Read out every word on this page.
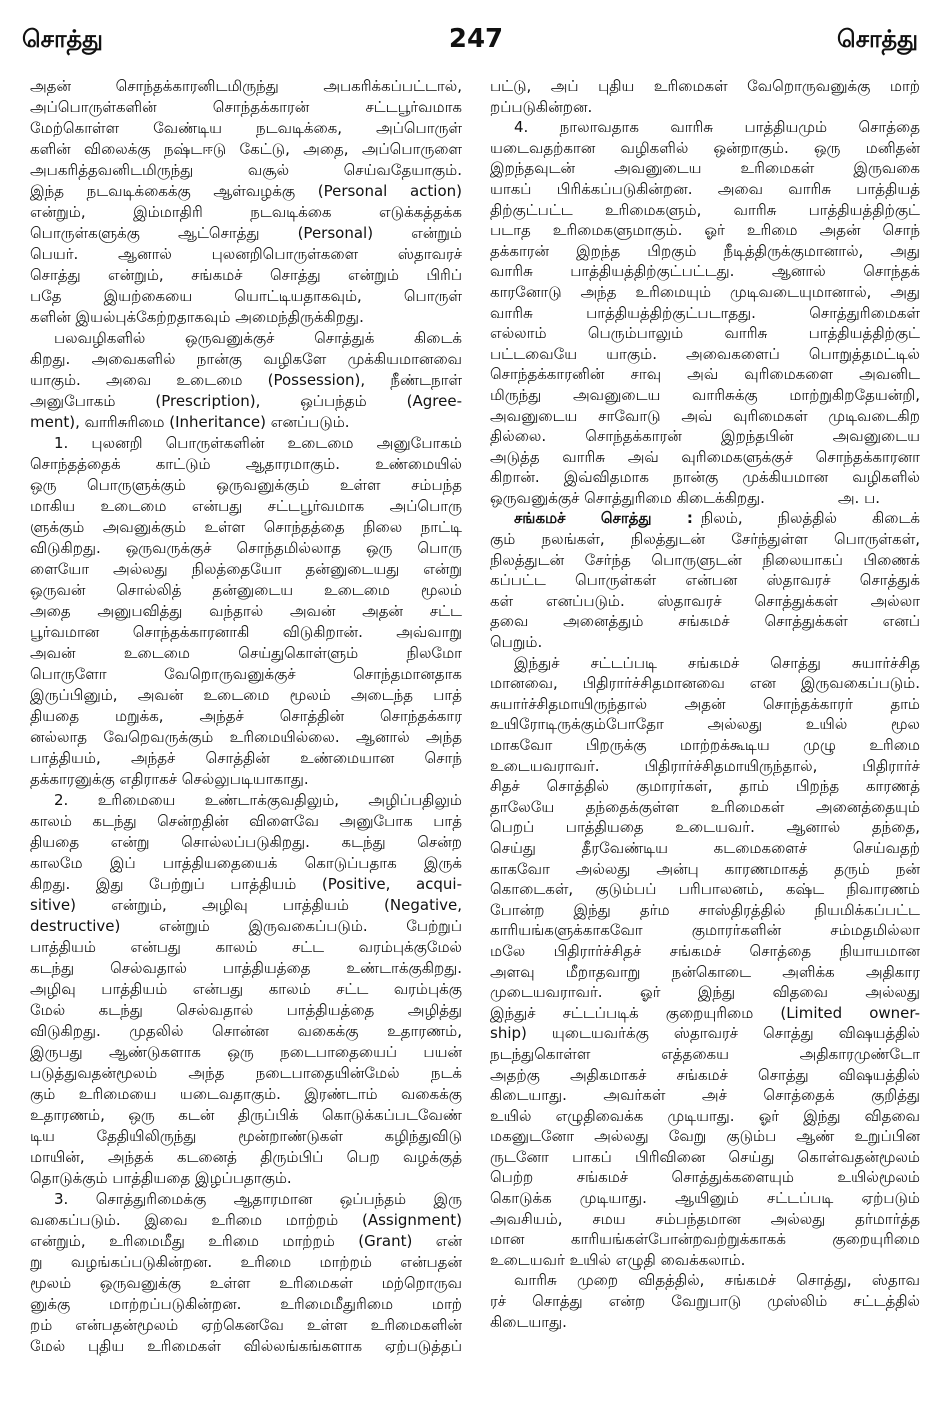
சொத்து	247	சொத்து
அதன் சொந்தக்காரனிடமிருந்து அபகரிக்கப்பட்டால்,
அப்பொருள்களின் சொந்தக்காரன் சட்டபூர்வமாக
மேற்கொள்ள வேண்டிய நடவடிக்கை, அப்பொருள்
களின் விலைக்கு நஷ்டஈடு கேட்டு, அதை, அப்பொருளை
அபகரித்தவனிடமிருந்து வசூல் செய்வதேயாகும்.
இந்த நடவடிக்கைக்கு ஆள்வழக்கு (Personal action)
என்றும், இம்மாதிரி நடவடிக்கை எடுக்கத்தக்க
பொருள்களுக்கு ஆட்சொத்து (Personal) என்றும்
பெயர். ஆனால் புலனறிபொருள்களை ஸ்தாவரச்
சொத்து என்றும், சங்கமச் சொத்து என்றும் பிரிப்
பதே இயற்கையை யொட்டியதாகவும், பொருள்
களின் இயல்புக்கேற்றதாகவும் அமைந்திருக்கிறது.
பலவழிகளில் ஒருவனுக்குச் சொத்துக் கிடைக்
கிறது. அவைகளில் நான்கு வழிகளே முக்கியமானவை
யாகும். அவை உடைமை (Possession), நீண்டநாள்
அனுபோகம் (Prescription), ஒப்பந்தம் (Agree-
ment), வாரிசுரிமை (Inheritance) எனப்படும்.
1. புலனறி பொருள்களின் உடைமை அனுபோகம்
சொந்தத்தைக் காட்டும் ஆதாரமாகும். உண்மையில்
ஒரு பொருளுக்கும் ஒருவனுக்கும் உள்ள சம்பந்த
மாகிய உடைமை என்பது சட்டபூர்வமாக அப்பொரு
ளுக்கும் அவனுக்கும் உள்ள சொந்தத்தை நிலை நாட்டி
விடுகிறது. ஒருவருக்குச் சொந்தமில்லாத ஒரு பொரு
ளையோ அல்லது நிலத்தையோ தன்னுடையது என்று
ஒருவன் சொல்லித் தன்னுடைய உடைமை மூலம்
அதை அனுபவித்து வந்தால் அவன் அதன் சட்ட
பூர்வமான சொந்தக்காரனாகி விடுகிறான். அவ்வாறு
அவன் உடைமை செய்துகொள்ளும் நிலமோ
பொருளோ வேறொருவனுக்குச் சொந்தமானதாக
இருப்பினும், அவன் உடைமை மூலம் அடைந்த பாத்
தியதை மறுக்க, அந்தச் சொத்தின் சொந்தக்கார
னல்லாத வேறெவருக்கும் உரிமையில்லை. ஆனால் அந்த
பாத்தியம், அந்தச் சொத்தின் உண்மையான சொந்
தக்காரனுக்கு எதிராகச் செல்லுபடியாகாது.
2. உரிமையை உண்டாக்குவதிலும், அழிப்பதிலும்
காலம் கடந்து சென்றதின் விளைவே அனுபோக பாத்
தியதை என்று சொல்லப்படுகிறது. கடந்து சென்ற
காலமே இப் பாத்தியதையைக் கொடுப்பதாக இருக்
கிறது. இது பேற்றுப் பாத்தியம் (Positive, acqui-
sitive) என்றும், அழிவு பாத்தியம் (Negative,
destructive) என்றும் இருவகைப்படும். பேற்றுப்
பாத்தியம் என்பது காலம் சட்ட வரம்புக்குமேல்
கடந்து செல்வதால் பாத்தியத்தை உண்டாக்குகிறது.
அழிவு பாத்தியம் என்பது காலம் சட்ட வரம்புக்கு
மேல் கடந்து செல்வதால் பாத்தியத்தை அழித்து
விடுகிறது. முதலில் சொன்ன வகைக்கு உதாரணம்,
இருபது ஆண்டுகளாக ஒரு நடைபாதையைப் பயன்
படுத்துவதன்மூலம் அந்த நடைபாதையின்மேல் நடக்
கும் உரிமையை யடைவதாகும். இரண்டாம் வகைக்கு
உதாரணம், ஒரு கடன் திருப்பிக் கொடுக்கப்படவேண்
டிய தேதியிலிருந்து மூன்றாண்டுகள் கழிந்துவிடு
மாயின், அந்தக் கடனைத் திரும்பிப் பெற வழக்குத்
தொடுக்கும் பாத்தியதை இழப்பதாகும்.
3. சொத்துரிமைக்கு ஆதாரமான ஒப்பந்தம் இரு
வகைப்படும். இவை உரிமை மாற்றம் (Assignment)
என்றும், உரிமைமீது உரிமை மாற்றம் (Grant) என்
று வழங்கப்படுகின்றன. உரிமை மாற்றம் என்பதன்
மூலம் ஒருவனுக்கு உள்ள உரிமைகள் மற்றொருவ
னுக்கு மாற்றப்படுகின்றன. உரிமைமீதுரிமை மாற்
றம் என்பதன்மூலம் ஏற்கெனவே உள்ள உரிமைகளின்
மேல் புதிய உரிமைகள் வில்லங்கங்களாக ஏற்படுத்தப்
பட்டு, அப் புதிய உரிமைகள் வேறொருவனுக்கு மாற்
றப்படுகின்றன.
4. நாலாவதாக வாரிசு பாத்தியமும் சொத்தை
யடைவதற்கான வழிகளில் ஒன்றாகும். ஒரு மனிதன்
இறந்தவுடன் அவனுடைய உரிமைகள் இருவகை
யாகப் பிரிக்கப்படுகின்றன. அவை வாரிசு பாத்தியத்
திற்குட்பட்ட உரிமைகளும், வாரிசு பாத்தியத்திற்குட்
படாத உரிமைகளுமாகும். ஓர் உரிமை அதன் சொந்
தக்காரன் இறந்த பிறகும் நீடித்திருக்குமானால், அது
வாரிசு பாத்தியத்திற்குட்பட்டது. ஆனால் சொந்தக்
காரனோடு அந்த உரிமையும் முடிவடையுமானால், அது
வாரிசு பாத்தியத்திற்குட்படாதது. சொத்துரிமைகள்
எல்லாம் பெரும்பாலும் வாரிசு பாத்தியத்திற்குட்
பட்டவையே யாகும். அவைகளைப் பொறுத்தமட்டில்
சொந்தக்காரனின் சாவு அவ் வுரிமைகளை அவனிட
மிருந்து அவனுடைய வாரிசுக்கு மாற்றுகிறதேயன்றி,
அவனுடைய சாவோடு அவ் வுரிமைகள் முடிவடைகிற
தில்லை. சொந்தக்காரன் இறந்தபின் அவனுடைய
அடுத்த வாரிசு அவ் வுரிமைகளுக்குச் சொந்தக்காரனா
கிறான். இவ்விதமாக நான்கு முக்கியமான வழிகளில்
ஒருவனுக்குச் சொத்துரிமை கிடைக்கிறது.	அ. ப.
சங்கமச் சொத்து : நிலம், நிலத்தில் கிடைக்
கும் நலங்கள், நிலத்துடன் சேர்ந்துள்ள பொருள்கள்,
நிலத்துடன் சேர்ந்த பொருளுடன் நிலையாகப் பிணைக்
கப்பட்ட பொருள்கள் என்பன ஸ்தாவரச் சொத்துக்
கள் எனப்படும். ஸ்தாவரச் சொத்துக்கள் அல்லா
தவை அனைத்தும் சங்கமச் சொத்துக்கள் எனப்
பெறும்.
இந்துச் சட்டப்படி சங்கமச் சொத்து சுயார்ச்சித
மானவை, பிதிரார்ச்சிதமானவை என இருவகைப்படும்.
சுயார்ச்சிதமாயிருந்தால் அதன் சொந்தக்காரர் தாம்
உயிரோடிருக்கும்போதோ அல்லது உயில் மூல
மாகவோ பிறருக்கு மாற்றக்கூடிய முழு உரிமை
உடையவராவர். பிதிரார்ச்சிதமாயிருந்தால், பிதிரார்ச்
சிதச் சொத்தில் குமாரர்கள், தாம் பிறந்த காரணத்
தாலேயே தந்தைக்குள்ள உரிமைகள் அனைத்தையும்
பெறப் பாத்தியதை உடையவர். ஆனால் தந்தை,
செய்து தீரவேண்டிய கடமைகளைச் செய்வதற்
காகவோ அல்லது அன்பு காரணமாகத் தரும் நன்
கொடைகள், குடும்பப் பரிபாலனம், கஷ்ட நிவாரணம்
போன்ற இந்து தர்ம சாஸ்திரத்தில் நியமிக்கப்பட்ட
காரியங்களுக்காகவோ குமாரர்களின் சம்மதமில்லா
மலே பிதிரார்ச்சிதச் சங்கமச் சொத்தை நியாயமான
அளவு மீறாதவாறு நன்கொடை அளிக்க அதிகார
முடையவராவர். ஓர் இந்து விதவை அல்லது
இந்துச் சட்டப்படிக் குறையுரிமை (Limited owner-
ship) யுடையவர்க்கு ஸ்தாவரச் சொத்து விஷயத்தில்
நடந்துகொள்ள எத்தகைய அதிகாரமுண்டோ
அதற்கு அதிகமாகச் சங்கமச் சொத்து விஷயத்தில்
கிடையாது. அவர்கள் அச் சொத்தைக் குறித்து
உயில் எழுதிவைக்க முடியாது. ஓர் இந்து விதவை
மகனுடனோ அல்லது வேறு குடும்ப ஆண் உறுப்பின
ருடனோ பாகப் பிரிவினை செய்து கொள்வதன்மூலம்
பெற்ற சங்கமச் சொத்துக்களையும் உயில்மூலம்
கொடுக்க முடியாது. ஆயினும் சட்டப்படி ஏற்படும்
அவசியம், சமய சம்பந்தமான அல்லது தர்மார்த்த
மான காரியங்கள்போன்றவற்றுக்காகக் குறையுரிமை
உடையவர் உயில் எழுதி வைக்கலாம்.
வாரிசு முறை விதத்தில், சங்கமச் சொத்து, ஸ்தாவ
ரச் சொத்து என்ற வேறுபாடு முஸ்லிம் சட்டத்தில்
கிடையாது.
